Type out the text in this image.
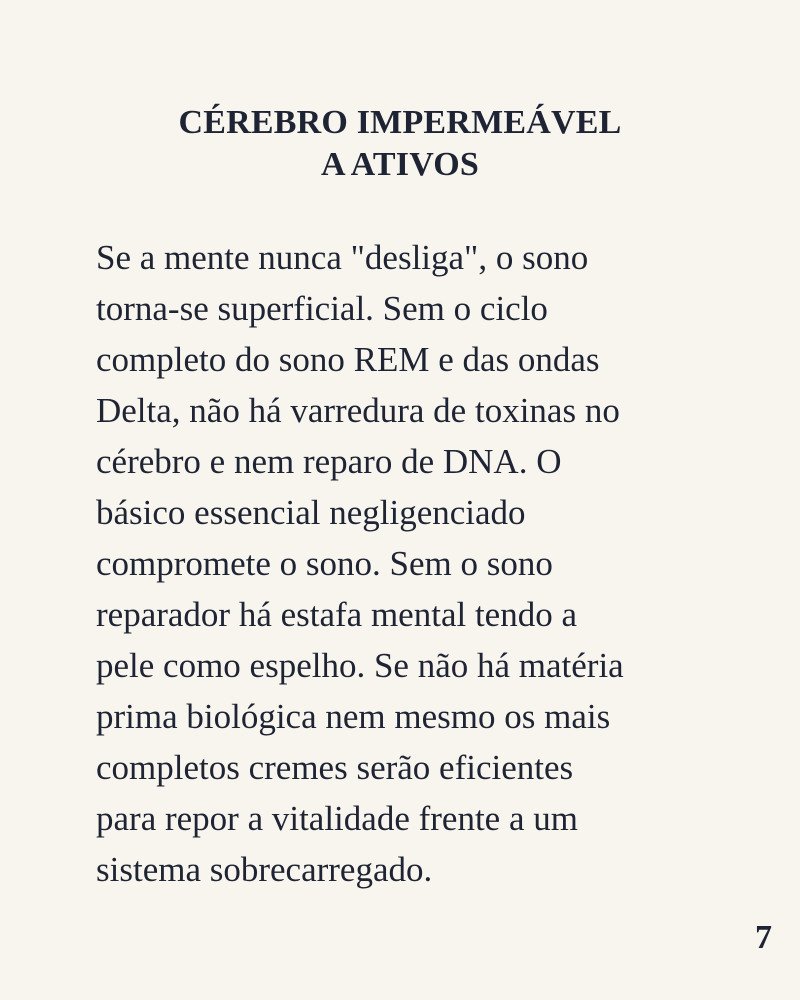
CÉREBRO IMPERMEÁVEL
A ATIVOS
Se a mente nunca "desliga", o sono
torna-se superficial. Sem o ciclo
completo do sono REM e das ondas
Delta, não há varredura de toxinas no
cérebro e nem reparo de DNA. O
básico essencial negligenciado
compromete o sono. Sem o sono
reparador há estafa mental tendo a
pele como espelho. Se não há matéria
prima biológica nem mesmo os mais
completos cremes serão eficientes
para repor a vitalidade frente a um
sistema sobrecarregado.
7
